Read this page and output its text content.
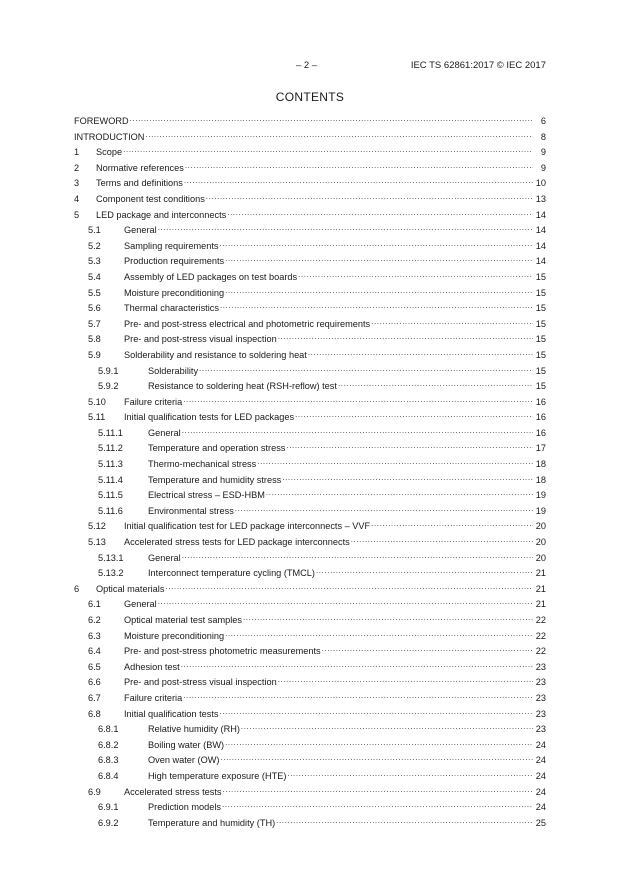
– 2 –	IEC TS 62861:2017 © IEC 2017
CONTENTS
FOREWORD .....	6
INTRODUCTION .....	8
1	Scope .....	9
2	Normative references .....	9
3	Terms and definitions .....	10
4	Component test conditions .....	13
5	LED package and interconnects .....	14
5.1	General .....	14
5.2	Sampling requirements .....	14
5.3	Production requirements .....	14
5.4	Assembly of LED packages on test boards .....	15
5.5	Moisture preconditioning .....	15
5.6	Thermal characteristics .....	15
5.7	Pre- and post-stress electrical and photometric requirements .....	15
5.8	Pre- and post-stress visual inspection .....	15
5.9	Solderability and resistance to soldering heat .....	15
5.9.1	Solderability .....	15
5.9.2	Resistance to soldering heat (RSH-reflow) test .....	15
5.10	Failure criteria .....	16
5.11	Initial qualification tests for LED packages .....	16
5.11.1	General .....	16
5.11.2	Temperature and operation stress .....	17
5.11.3	Thermo-mechanical stress .....	18
5.11.4	Temperature and humidity stress .....	18
5.11.5	Electrical stress – ESD-HBM .....	19
5.11.6	Environmental stress .....	19
5.12	Initial qualification test for LED package interconnects – VVF .....	20
5.13	Accelerated stress tests for LED package interconnects .....	20
5.13.1	General .....	20
5.13.2	Interconnect temperature cycling (TMCL) .....	21
6	Optical materials .....	21
6.1	General .....	21
6.2	Optical material test samples .....	22
6.3	Moisture preconditioning .....	22
6.4	Pre- and post-stress photometric measurements .....	22
6.5	Adhesion test .....	23
6.6	Pre- and post-stress visual inspection .....	23
6.7	Failure criteria .....	23
6.8	Initial qualification tests .....	23
6.8.1	Relative humidity (RH) .....	23
6.8.2	Boiling water (BW) .....	24
6.8.3	Oven water (OW) .....	24
6.8.4	High temperature exposure (HTE) .....	24
6.9	Accelerated stress tests .....	24
6.9.1	Prediction models .....	24
6.9.2	Temperature and humidity (TH) .....	25
